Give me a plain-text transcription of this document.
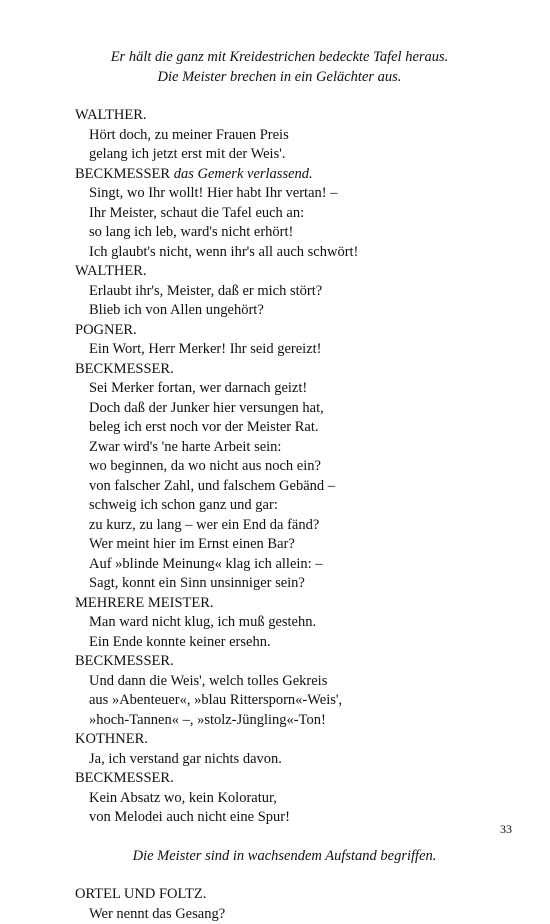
Er hält die ganz mit Kreidestrichen bedeckte Tafel heraus.
Die Meister brechen in ein Gelächter aus.
WALTHER.
Hört doch, zu meiner Frauen Preis
gelang ich jetzt erst mit der Weis'.
BECKMESSER das Gemerk verlassend.
Singt, wo Ihr wollt! Hier habt Ihr vertan! –
Ihr Meister, schaut die Tafel euch an:
so lang ich leb, ward's nicht erhört!
Ich glaubt's nicht, wenn ihr's all auch schwört!
WALTHER.
Erlaubt ihr's, Meister, daß er mich stört?
Blieb ich von Allen ungehört?
POGNER.
Ein Wort, Herr Merker! Ihr seid gereizt!
BECKMESSER.
Sei Merker fortan, wer darnach geizt!
Doch daß der Junker hier versungen hat,
beleg ich erst noch vor der Meister Rat.
Zwar wird's 'ne harte Arbeit sein:
wo beginnen, da wo nicht aus noch ein?
von falscher Zahl, und falschem Gebänd –
schweig ich schon ganz und gar:
zu kurz, zu lang – wer ein End da fänd?
Wer meint hier im Ernst einen Bar?
Auf »blinde Meinung« klag ich allein: –
Sagt, konnt ein Sinn unsinniger sein?
MEHRERE MEISTER.
Man ward nicht klug, ich muß gestehn.
Ein Ende konnte keiner ersehn.
BECKMESSER.
Und dann die Weis', welch tolles Gekreis
aus »Abenteuer«, »blau Rittersporn«-Weis',
»hoch-Tannen« –, »stolz-Jüngling«-Ton!
KOTHNER.
Ja, ich verstand gar nichts davon.
BECKMESSER.
Kein Absatz wo, kein Koloratur,
von Melodei auch nicht eine Spur!
Die Meister sind in wachsendem Aufstand begriffen.
ORTEL UND FOLTZ.
Wer nennt das Gesang?
33
